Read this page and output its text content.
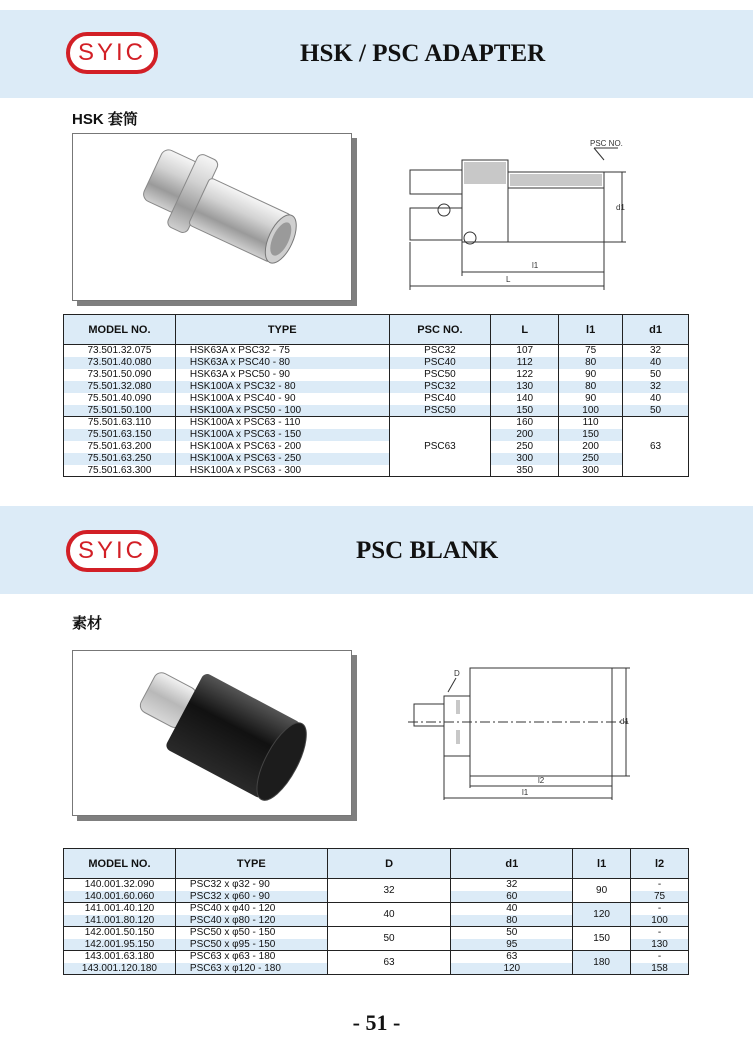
SYIC	HSK / PSC ADAPTER
HSK 套筒
PSC NO.
d1
l1
L
MODEL NO.	TYPE	PSC NO.	L	l1	d1
73.501.32.075	HSK63A x PSC32 - 75	PSC32	107	75	32
73.501.40.080	HSK63A x PSC40 - 80	PSC40	112	80	40
73.501.50.090	HSK63A x PSC50 - 90	PSC50	122	90	50
75.501.32.080	HSK100A x PSC32 - 80	PSC32	130	80	32
75.501.40.090	HSK100A x PSC40 - 90	PSC40	140	90	40
75.501.50.100	HSK100A x PSC50 - 100	PSC50	150	100	50
75.501.63.110	HSK100A x PSC63 - 110	PSC63	160	110	63
75.501.63.150	HSK100A x PSC63 - 150		200	150	
75.501.63.200	HSK100A x PSC63 - 200		250	200	
75.501.63.250	HSK100A x PSC63 - 250		300	250	
75.501.63.300	HSK100A x PSC63 - 300		350	300	
SYIC	PSC BLANK
素材
D
d1
l2
l1
MODEL NO.	TYPE	D	d1	l1	l2
140.001.32.090	PSC32 x φ32 - 90	32	32	90	-
140.001.60.060	PSC32 x φ60 - 90		60		75
141.001.40.120	PSC40 x φ40 - 120	40	40	120	-
141.001.80.120	PSC40 x φ80 - 120		80		100
142.001.50.150	PSC50 x φ50 - 150	50	50	150	-
142.001.95.150	PSC50 x φ95 - 150		95		130
143.001.63.180	PSC63 x φ63 - 180	63	63	180	-
143.001.120.180	PSC63 x φ120 - 180		120		158
- 51 -
